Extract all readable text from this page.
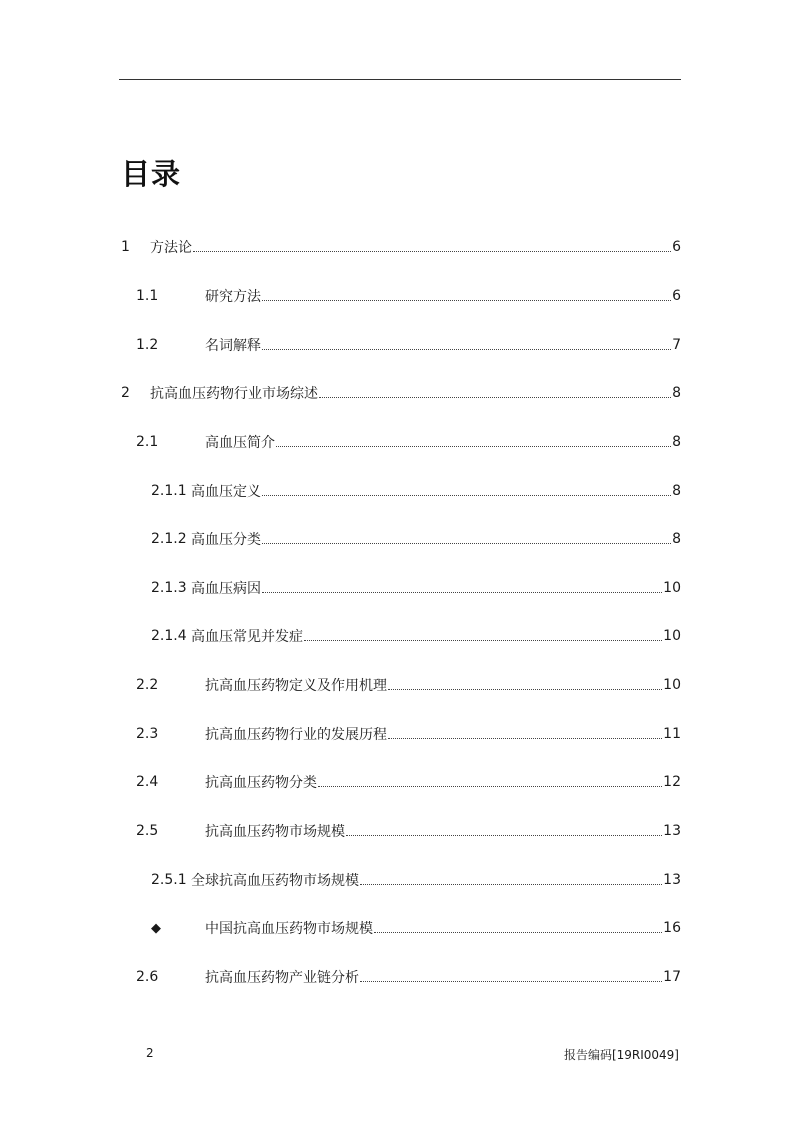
目录
1	方法论	6
1.1	研究方法	6
1.2	名词解释	7
2	抗高血压药物行业市场综述	8
2.1	高血压简介	8
2.1.1 高血压定义	8
2.1.2 高血压分类	8
2.1.3 高血压病因	10
2.1.4 高血压常见并发症	10
2.2	抗高血压药物定义及作用机理	10
2.3	抗高血压药物行业的发展历程	11
2.4	抗高血压药物分类	12
2.5	抗高血压药物市场规模	13
2.5.1 全球抗高血压药物市场规模	13
◆	中国抗高血压药物市场规模	16
2.6	抗高血压药物产业链分析	17
2	报告编码[19RI0049]
